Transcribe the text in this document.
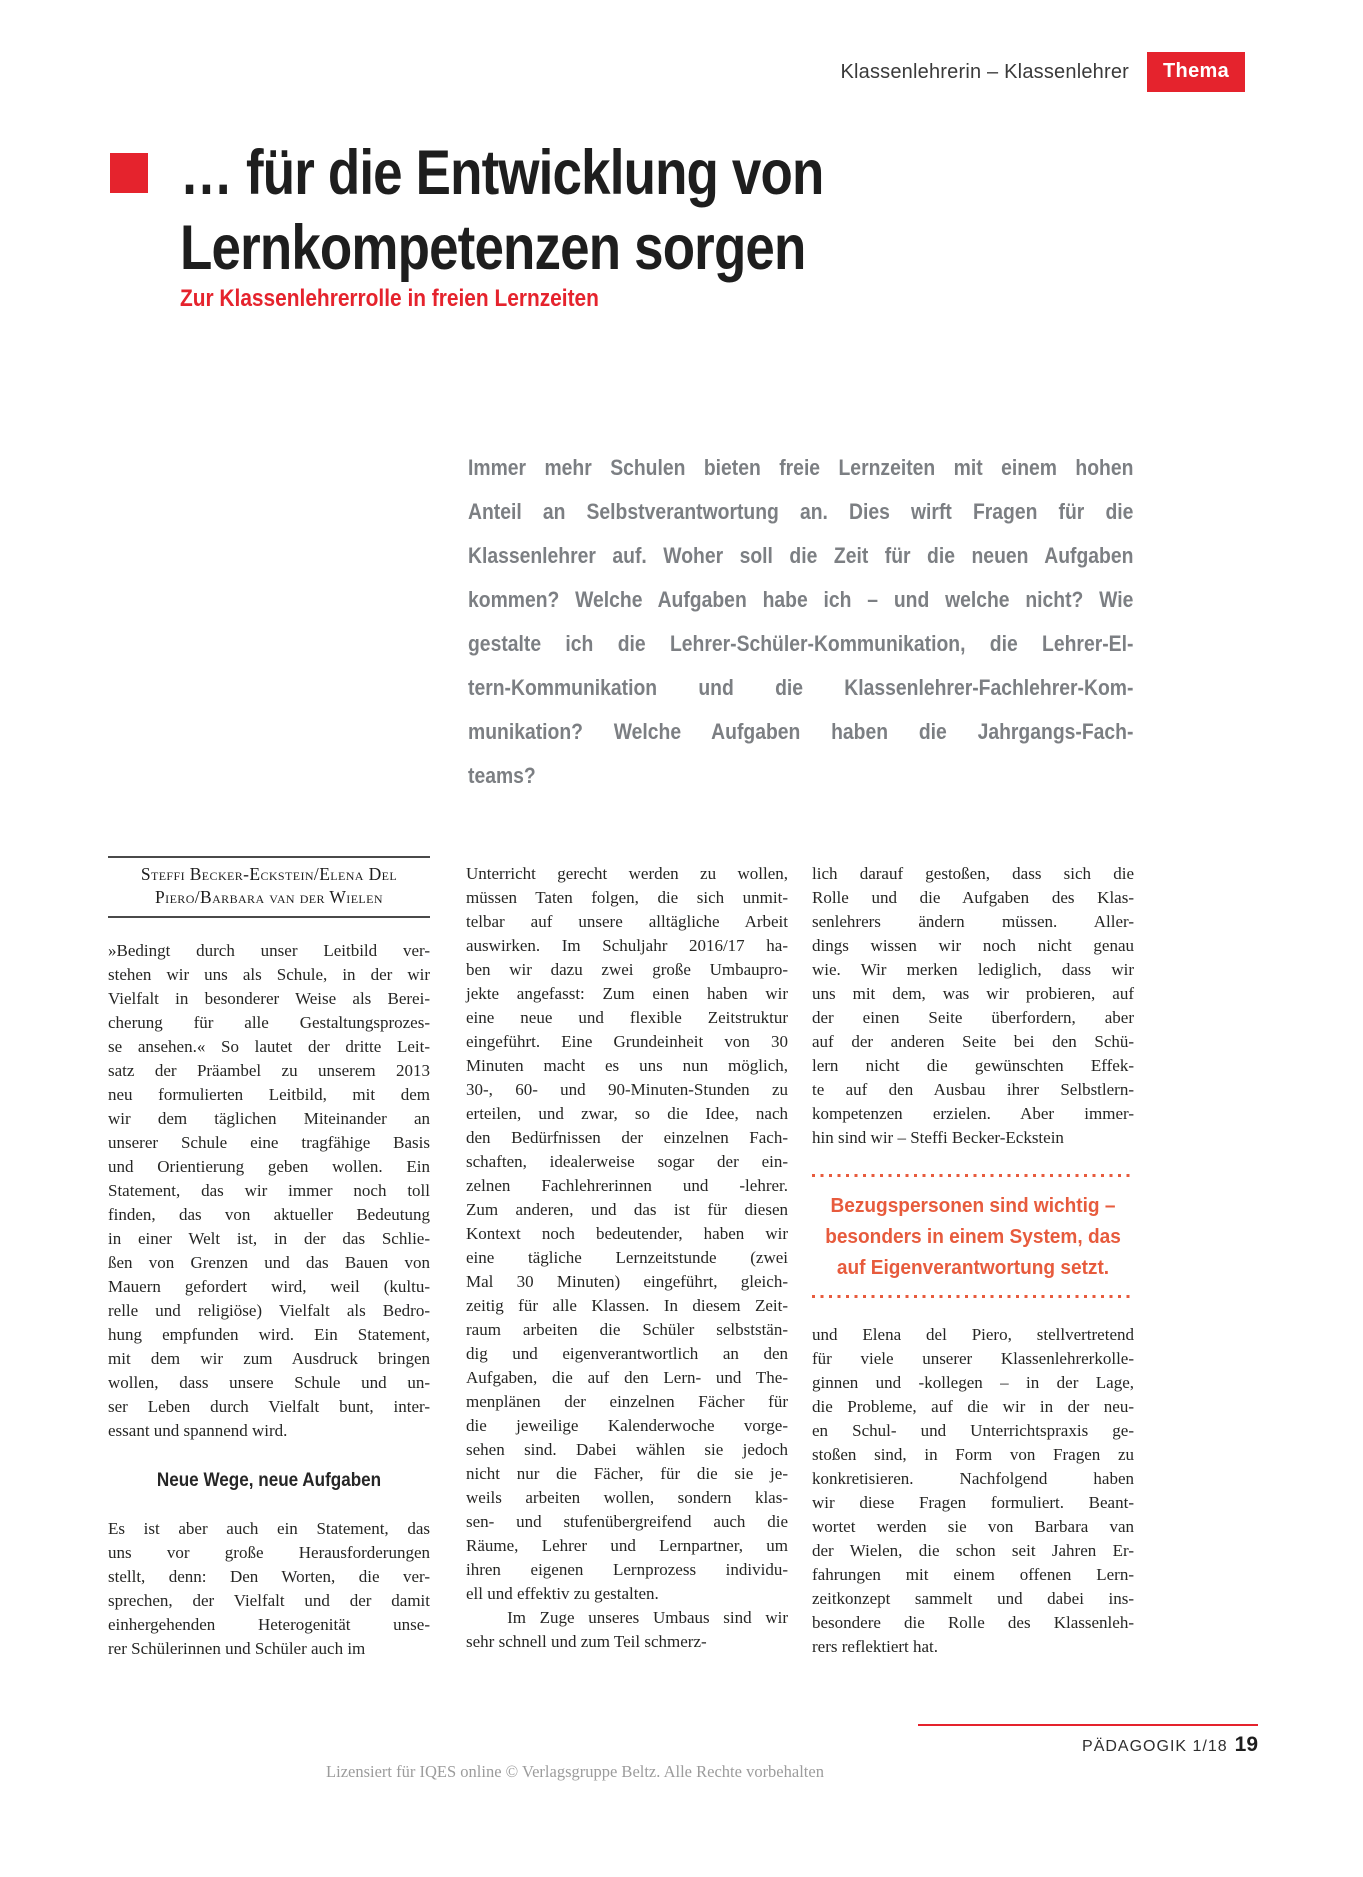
Klassenlehrerin – Klassenlehrer	Thema
… für die Entwicklung von
Lernkompetenzen sorgen
Zur Klassenlehrerrolle in freien Lernzeiten
Immer mehr Schulen bieten freie Lernzeiten mit einem hohen
Anteil an Selbstverantwortung an. Dies wirft Fragen für die
Klassenlehrer auf. Woher soll die Zeit für die neuen Aufgaben
kommen? Welche Aufgaben habe ich – und welche nicht? Wie
gestalte ich die Lehrer-Schüler-Kommunikation, die Lehrer-El-
tern-Kommunikation und die Klassenlehrer-Fachlehrer-Kom-
munikation? Welche Aufgaben haben die Jahrgangs-Fach-
teams?
Steffi Becker-Eckstein/Elena Del
Piero/Barbara van der Wielen
»Bedingt durch unser Leitbild ver-
stehen wir uns als Schule, in der wir
Vielfalt in besonderer Weise als Berei-
cherung für alle Gestaltungsprozes-
se ansehen.« So lautet der dritte Leit-
satz der Präambel zu unserem 2013
neu formulierten Leitbild, mit dem
wir dem täglichen Miteinander an
unserer Schule eine tragfähige Basis
und Orientierung geben wollen. Ein
Statement, das wir immer noch toll
finden, das von aktueller Bedeutung
in einer Welt ist, in der das Schlie-
ßen von Grenzen und das Bauen von
Mauern gefordert wird, weil (kultu-
relle und religiöse) Vielfalt als Bedro-
hung empfunden wird. Ein Statement,
mit dem wir zum Ausdruck bringen
wollen, dass unsere Schule und un-
ser Leben durch Vielfalt bunt, inter-
essant und spannend wird.
Neue Wege, neue Aufgaben
Es ist aber auch ein Statement, das
uns vor große Herausforderungen
stellt, denn: Den Worten, die ver-
sprechen, der Vielfalt und der damit
einhergehenden Heterogenität unse-
rer Schülerinnen und Schüler auch im
Unterricht gerecht werden zu wollen,
müssen Taten folgen, die sich unmit-
telbar auf unsere alltägliche Arbeit
auswirken. Im Schuljahr 2016/17 ha-
ben wir dazu zwei große Umbaupro-
jekte angefasst: Zum einen haben wir
eine neue und flexible Zeitstruktur
eingeführt. Eine Grundeinheit von 30
Minuten macht es uns nun möglich,
30-, 60- und 90-Minuten-Stunden zu
erteilen, und zwar, so die Idee, nach
den Bedürfnissen der einzelnen Fach-
schaften, idealerweise sogar der ein-
zelnen Fachlehrerinnen und -lehrer.
Zum anderen, und das ist für diesen
Kontext noch bedeutender, haben wir
eine tägliche Lernzeitstunde (zwei
Mal 30 Minuten) eingeführt, gleich-
zeitig für alle Klassen. In diesem Zeit-
raum arbeiten die Schüler selbststän-
dig und eigenverantwortlich an den
Aufgaben, die auf den Lern- und The-
menplänen der einzelnen Fächer für
die jeweilige Kalenderwoche vorge-
sehen sind. Dabei wählen sie jedoch
nicht nur die Fächer, für die sie je-
weils arbeiten wollen, sondern klas-
sen- und stufenübergreifend auch die
Räume, Lehrer und Lernpartner, um
ihren eigenen Lernprozess individu-
ell und effektiv zu gestalten.
Im Zuge unseres Umbaus sind wir
sehr schnell und zum Teil schmerz-
lich darauf gestoßen, dass sich die
Rolle und die Aufgaben des Klas-
senlehrers ändern müssen. Aller-
dings wissen wir noch nicht genau
wie. Wir merken lediglich, dass wir
uns mit dem, was wir probieren, auf
der einen Seite überfordern, aber
auf der anderen Seite bei den Schü-
lern nicht die gewünschten Effek-
te auf den Ausbau ihrer Selbstlern-
kompetenzen erzielen. Aber immer-
hin sind wir – Steffi Becker-Eckstein
Bezugspersonen sind wichtig –
besonders in einem System, das
auf Eigenverantwortung setzt.
und Elena del Piero, stellvertretend
für viele unserer Klassenlehrerkolle-
ginnen und -kollegen – in der Lage,
die Probleme, auf die wir in der neu-
en Schul- und Unterrichtspraxis ge-
stoßen sind, in Form von Fragen zu
konkretisieren. Nachfolgend haben
wir diese Fragen formuliert. Beant-
wortet werden sie von Barbara van
der Wielen, die schon seit Jahren Er-
fahrungen mit einem offenen Lern-
zeitkonzept sammelt und dabei ins-
besondere die Rolle des Klassenleh-
rers reflektiert hat.
Lizensiert für IQES online © Verlagsgruppe Beltz. Alle Rechte vorbehalten
PÄDAGOGIK 1/18 19
